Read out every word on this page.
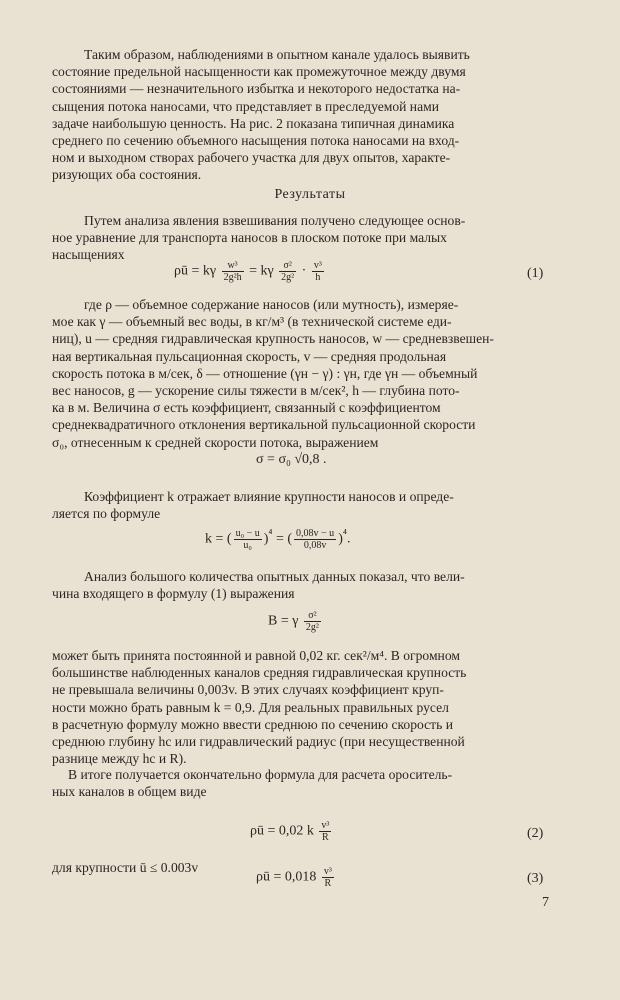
Таким образом, наблюдениями в опытном канале удалось выявить
состояние предельной насыщенности как промежуточное между двумя
состояниями — незначительного избытка и некоторого недостатка на-
сыщения потока наносами, что представляет в преследуемой нами
задаче наибольшую ценность. На рис. 2 показана типичная динамика
среднего по сечению объемного насыщения потока наносами на вход-
ном и выходном створах рабочего участка для двух опытов, характе-
ризующих оба состояния.
Результаты
Путем анализа явления взвешивания получено следующее основ-
ное уравнение для транспорта наносов в плоском потоке при малых
насыщениях
ρū = kγ $\frac{\text{w³}}{\text{2g²h}} = k\gamma \frac{\text{σ²}}{\text{2g²}} \cdot \frac{\text{v³}}{h}$	(1)
где ρ — объемное содержание наносов (или мутность), измеряе-
мое как γ — объемный вес воды, в кг/м³ (в технической системе еди-
ниц), u — средняя гидравлическая крупность наносов, w — средневзвешен-
ная вертикальная пульсационная скорость, v — средняя продольная
скорость потока в м/сек, δ — отношение (γн − γ) : γн, где γн — объемный
вес наносов, g — ускорение силы тяжести в м/сек², h — глубина пото-
ка в м. Величина σ есть коэффициент, связанный с коэффициентом
среднеквадратичного отклонения вертикальной пульсационной скорости
σ₀, отнесенным к средней скорости потока, выражением
σ = σ₀ √0,8 .
Коэффициент k отражает влияние крупности наносов и опреде-
ляется по формуле
k = ( $\frac{\text{u₀ − u}}{\text{u₀}} )^{^4}$ = ( $\frac{0,08v - u}{0,08v} )^{^4}$.
Анализ большого количества опытных данных показал, что вели-
чина входящего в формулу (1) выражения
B = γ $\frac{\text{σ²}}{\text{2g²}}$
может быть принята постоянной и равной 0,02 кг. сек²/м⁴. В огромном
большинстве наблюденных каналов средняя гидравлическая крупность
не превышала величины 0,003v. В этих случаях коэффициент круп-
ности можно брать равным k = 0,9. Для реальных правильных русел
в расчетную формулу можно ввести среднюю по сечению скорость и
среднюю глубину hc или гидравлический радиус (при несущественной
разнице между hc и R).
В итоге получается окончательно формула для расчета ороситель-
ных каналов в общем виде
ρū = 0,02 k $\frac{\text{v³}}{R}$	(2)
для крупности ū ≤ 0.003v
ρū = $0,018 \frac{\text{v³}}{R}$	(3)
7
